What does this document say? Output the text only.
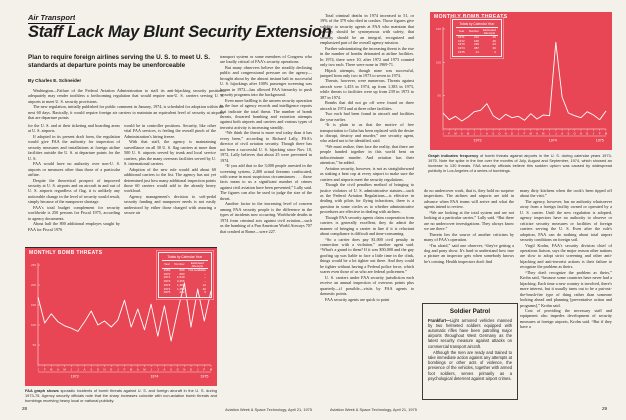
Air Transport
Staff Lack May Blunt Security Extension
Plan to require foreign airlines serving the U. S. to meet U. S. standards at departure points may be unenforceable
By Charles E. Schneider

Washington—Failure of the Federal Aviation Administration to staff its anti-hijacking security positions adequately may render toothless a forthcoming regulation that would require non-U. S. carriers serving U. S. airports to meet U. S. security provisions.

The new regulation, initially published for public comment in January, 1974, is scheduled for adoption within the next 60 days. Basically, it would require foreign air carriers to maintain an equivalent level of security at airports that are departure points

for the U. S. and at their ticketing and boarding areas at U. S. airports.

If adopted in its present draft form, the regulation would give FAA the authority for inspection of security measures and installations at foreign airline facilities outside the U. S. at departure points for the U. S.

FAA would have no authority over non-U. S. airports or measures other than those of a particular airline.

Despite the theoretical prospect of improved security at U. S. airports and on aircraft in and out of U. S. airports regardless of flag, it is unlikely any noticeable change in the level of security would result, simply because of the manpower shortage.

FAA's total budget complement for security worldwide is 250 persons for Fiscal 1975, according to agency documents.

About half the 800 additional employes sought by FAA for Fiscal 1976

would be in controller positions. Security, like other vital FAA services, is feeling the overall pinch of the Administration's hiring freeze.

With that staff, the agency is maintaining surveillance on all 30 U. S. flag carriers at more than 500 U. S. airports served by trunk and local service carriers, plus the many overseas facilities served by U. S. international carriers.

Adoption of the new rule would add about 60 additional carriers to the list. The agency has not yet determined just how many additional inspection points those 60 carriers would add to the already heavy workload.

Agency management's decision to soft-pedal security funding and manpower needs is not easily understood by either those charged with assuring a secure air

transport system or some members of Congress who are loudly critical of FAA's security operations.

But many observers believe the steadily declining public and congressional pressure on the agency—brought about by the almost instant halt in successful U. S. hijackings after 100% passenger screening was begun in 1972—has allowed FAA hierarchy to push security programs into the background.

Even more baffling is the unseen security operation in the face of agency records and intelligence reports that indicate the total threat. The number of bomb threats, thwarted bombing and extortion attempts against both airports and carriers and various types of terrorist activity is increasing steadily.

“We think the threat is more real today than it has every been,” according to Richard Lally, FAA's director of civil aviation security. Though there has not been a successful U. S. hijacking since Nov. 10, 1972, Lally believes that about 25 were prevented in 1974.

“If you add that to the 3,000 people arrested in the screening system, 2,400 actual firearms confiscated, with some in most suspicious circumstances . . . those facts mean to us a significant number of crimes against civil aviation have been prevented,” Lally said. The figures can also be used to judge the size of the threat.

Another factor in the increasing level of concern among FAA security people is the difference in the types of incidents now occurring. Worldwide deaths in 1974 from criminal acts against civil aviation—such as the bombing of a Pan American World Airways 707 that crashed at Rome—were 227.

MONTHLY BOMB THREATS
50
100
150
200
250
J F M A M J J A S O N D J F M A M J J A S O N D J F M
1973	1974	1975
Totals by Calendar Year
Year	Number	Estimated
Attempts
1969	600	Not Available
1970	683	–
1971	1,540	–
1972	2,256	–
1973	1,383	12
1974	1,453	40
1975	262	6
FAA graph shows sporadic incidents of bomb threats against U. S. and foreign aircraft in the U. S. during 1973-75. Agency security officials note that the sharp increases coincide with non-aviation bomb threats and bombings receiving heavy local or national publicity.
28	Aviation Week & Space Technology, April 21, 1975

Total criminal deaths in 1974 increased to 51, or 19% of the 379 who died in crashes. Those figures give validity to security agents at FAA who maintain that security should be synonymous with safety; that security should be an integral, recognized and emphasized part of the overall agency mission.

Further substantiating the increasing threat is the rise in the number of bombs detonated at airline facilities. In 1974, there were 10, after 1972 and 1973 counted only two each. There were none in 1969-71.

Hijack attempts, though none was successful, jumped from only two in 1973 to seven in 1974.

Threats, however, were numerous. Threats against aircraft were 1,453 in 1974, up from 1,383 in 1973, while threats to facilities were up from 239 in 1973 to 387 in 1974.

Bombs that did not go off were found on three aircraft in 1974 and at three other facilities.

Two each had been found in aircraft and facilities the year earlier.

“It is plain to us that the motive of free transportation to Cuba has been replaced with the desire to disrupt, destroy and murder,” one security agent, who asked not to be identified, said.

“We must realize, then face the reality, that there are people banded together in this world bent on indiscriminate murder. And aviation has their attention,” he added.

Aviation security, however, is not as straightforward as staking a beat cop at every airport to make sure the carriers and airports meet the security regulations.

Though the civil penalties method of bringing to justice violators of U. S. administrative statutes—such as the Federal Aviation Regulations—is effective in dealing with pilots for flying infractions, there is a question in some circles as to whether administrative procedures are effective in dealing with airlines.

Though FAA security agents claim cooperation from carriers is generally excellent, they do admit the manner of bringing a carrier in line if it is reluctant about compliance is difficult and time-consuming.

“So a carrier does pay $1,000 civil penalty in connection with a violation,” another agent said. “What's a grand to them? If it was $50,000 and the guy goofing up was liable to face a little time in the clink, things would be a lot tighter out there. And they could be tighter without having a Federal police force, which scares even those of us who are federal policemen.”

U. S. carriers under FAA security jurisdiction each receive an annual inspection of overseas points plus quarterly—if possible—visits by FAA agents to domestic points.

FAA security agents are quick to point

MONTHLY BOMB THREATS
50
100
150
J F M A M J J A S O N D J F M A M J J A S O N D J F M
1973	1974	1975
Totals by Calendar Year
Year	Number	Estimated
Attempts
1971	212	10
1972	160	40
1973	239	24
1974	387	39
1975	21	3
Graph indicates frequency of bomb threats against airports in the U. S. during calendar years 1973-1975. Note the spike in the line over the months of July, August and September, 1974, which showed an increase to 130 threats. FAA security officials believe this sudden upturn was caused by widespread publicity in Los Angeles of a series of bombings.

do no undercover work, that is, they hold no surprise inspections. The airlines and airports are told in advance when FAA teams will arrive and what the agents intend to review.

“We are looking at the total system and are not looking at a particular carrier,” Lally said. “But there are no undercover investigations. They always know we are there.”

Therein lies the source of another criticism by many of FAA's operation.

“I'm afraid,” said one observer, “they're getting a dog and pony show. It's hard to understand how true a picture an inspector gets when somebody knows he's coming. Health inspectors don't find

Soldier Patrol

Frankfurt—Light armored vehicles manned by two helmeted soldiers equipped with automatic rifles have been patrolling major airports throughout West Germany as the latest security measure against attacks on commercial transport aircraft.

Although the men are ready and trained to take immediate action against any attempts at bombings or other acts of violence, the presence of the vehicles, together with armed foot soldiers, serves primarily as a psychological deterrent against airport crimes.

many dirty kitchens when the cook's been tipped off about the visit.”

The agency, however, has no authority whatsoever away from a foreign facility owned or operated by a U. S. carrier. Until the new regulation is adopted, agency inspectors have no authority to observe or criticize security measures or facilities of foreign carriers serving the U. S. Even after the rule's adoption, FAA can do nothing about total airport security conditions on foreign soil.

Virgil Krohn, FAA's security division chief of operations liaison, says the major reason other nations are slow to adopt strict screening and other anti-hijacking and anti-terrorist actions is their failure to recognize the problem as theirs.

“They don't recognize the problem as theirs,” Krohn said, “because some countries have never had a hijacking. Each time a new country is involved, there's more interest, but it usually turns out to be a put-out-the-brush-fire type of thing rather than someone looking ahead and planning [preventative action and programs],” Krohn said.

Cost of providing the necessary staff and equipment also impedes development of security measures at foreign airports, Krohn said. “But if they have a

Aviation Week & Space Technology, April 21, 1975	29
